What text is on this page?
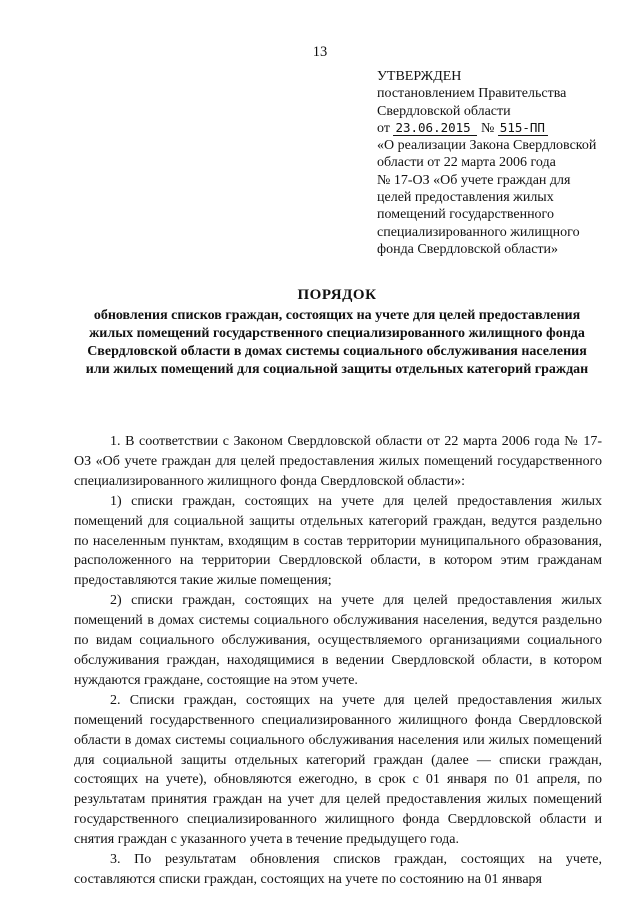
13
УТВЕРЖДЕН
постановлением Правительства
Свердловской области
от 23.06.2015 № 515-ПП
«О реализации Закона Свердловской
области от 22 марта 2006 года
№ 17-ОЗ «Об учете граждан для
целей предоставления жилых
помещений государственного
специализированного жилищного
фонда Свердловской области»
ПОРЯДОК
обновления списков граждан, состоящих на учете для целей предоставления жилых помещений государственного специализированного жилищного фонда Свердловской области в домах системы социального обслуживания населения или жилых помещений для социальной защиты отдельных категорий граждан

1. В соответствии с Законом Свердловской области от 22 марта 2006 года № 17-ОЗ «Об учете граждан для целей предоставления жилых помещений государственного специализированного жилищного фонда Свердловской области»:

1) списки граждан, состоящих на учете для целей предоставления жилых помещений для социальной защиты отдельных категорий граждан, ведутся раздельно по населенным пунктам, входящим в состав территории муниципального образования, расположенного на территории Свердловской области, в котором этим гражданам предоставляются такие жилые помещения;

2) списки граждан, состоящих на учете для целей предоставления жилых помещений в домах системы социального обслуживания населения, ведутся раздельно по видам социального обслуживания, осуществляемого организациями социального обслуживания граждан, находящимися в ведении Свердловской области, в котором нуждаются граждане, состоящие на этом учете.

2. Списки граждан, состоящих на учете для целей предоставления жилых помещений государственного специализированного жилищного фонда Свердловской области в домах системы социального обслуживания населения или жилых помещений для социальной защиты отдельных категорий граждан (далее — списки граждан, состоящих на учете), обновляются ежегодно, в срок с 01 января по 01 апреля, по результатам принятия граждан на учет для целей предоставления жилых помещений государственного специализированного жилищного фонда Свердловской области и снятия граждан с указанного учета в течение предыдущего года.

3. По результатам обновления списков граждан, состоящих на учете, составляются списки граждан, состоящих на учете по состоянию на 01 января
